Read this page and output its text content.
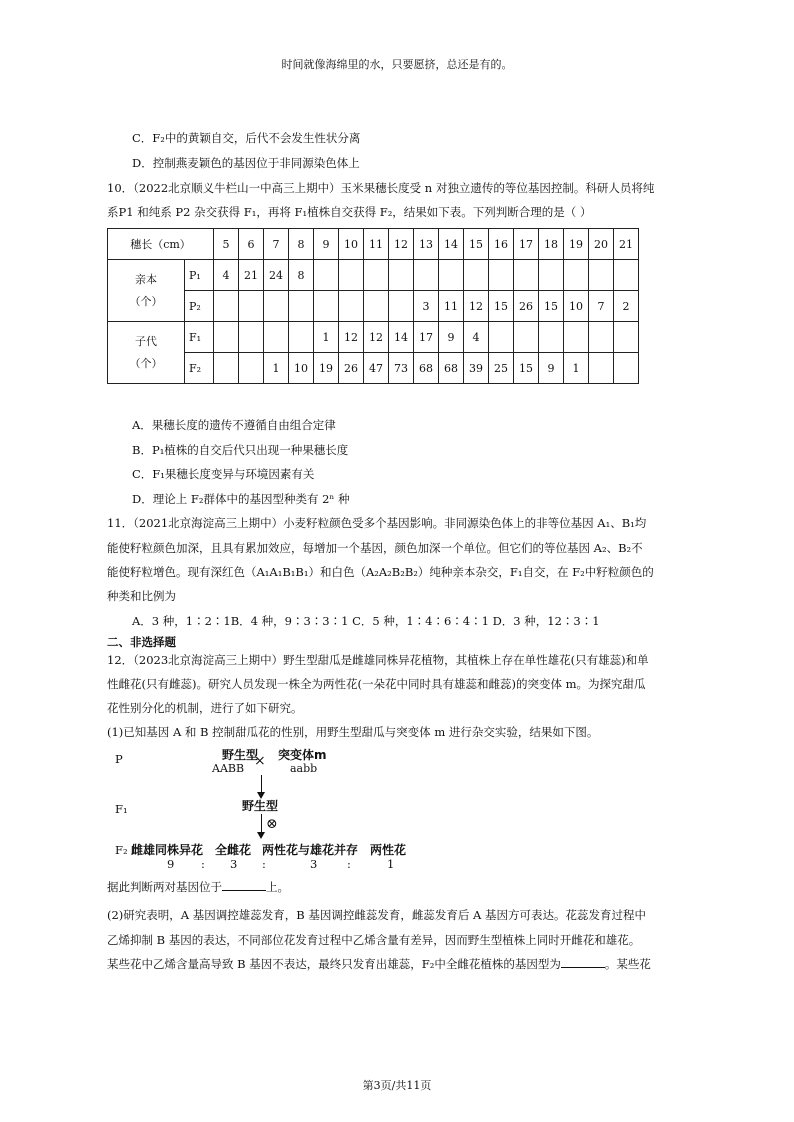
时间就像海绵里的水，只要愿挤，总还是有的。
C．F₂中的黄颖自交，后代不会发生性状分离
D．控制燕麦颖色的基因位于非同源染色体上
10．（2022北京顺义牛栏山一中高三上期中）玉米果穗长度受 n 对独立遗传的等位基因控制。科研人员将纯
系P1 和纯系 P2 杂交获得 F₁，再将 F₁植株自交获得 F₂，结果如下表。下列判断合理的是（ ）
穗长（cm）		5	6	7	8	9	10	11	12	13	14	15	16	17	18	19	20	21
亲本
（个）	P₁	4	21	24	8													
	P₂									3	11	12	15	26	15	10	7	2
子代
（个）	F₁					1	12	12	14	17	9	4						
	F₂			1	10	19	26	47	73	68	68	39	25	15	9	1		
A．果穗长度的遗传不遵循自由组合定律
B．P₁植株的自交后代只出现一种果穗长度
C．F₁果穗长度变异与环境因素有关
D．理论上 F₂群体中的基因型种类有 2ⁿ 种
11．（2021北京海淀高三上期中）小麦籽粒颜色受多个基因影响。非同源染色体上的非等位基因 A₁、B₁均
能使籽粒颜色加深，且具有累加效应，每增加一个基因，颜色加深一个单位。但它们的等位基因 A₂、B₂不
能使籽粒增色。现有深红色（A₁A₁B₁B₁）和白色（A₂A₂B₂B₂）纯种亲本杂交，F₁自交，在 F₂中籽粒颜色的
种类和比例为
A．3 种，1∶2∶1B．4 种，9∶3∶3∶1 C．5 种，1∶4∶6∶4∶1 D．3 种，12∶3∶1
二、非选择题
12．（2023北京海淀高三上期中）野生型甜瓜是雌雄同株异花植物，其植株上存在单性雄花(只有雄蕊)和单
性雌花(只有雌蕊)。研究人员发现一株全为两性花(一朵花中同时具有雄蕊和雌蕊)的突变体 m。为探究甜瓜
花性别分化的机制，进行了如下研究。
(1)已知基因 A 和 B 控制甜瓜花的性别，用野生型甜瓜与突变体 m 进行杂交实验，结果如下图。
P	野生型
AABB × 突变体m
aabb
F₁	野生型
⊗
F₂ 雌雄同株异花 全雌花 两性花与雄花并存 两性花
9 : 3 :	3	:	1
据此判断两对基因位于	上。
(2)研究表明，A 基因调控雄蕊发育，B 基因调控雌蕊发育，雌蕊发育后 A 基因方可表达。花蕊发育过程中
乙烯抑制 B 基因的表达，不同部位花发育过程中乙烯含量有差异，因而野生型植株上同时开雌花和雄花。
某些花中乙烯含量高导致 B 基因不表达，最终只发育出雄蕊，F₂中全雌花植株的基因型为	。某些花
第3页/共11页
